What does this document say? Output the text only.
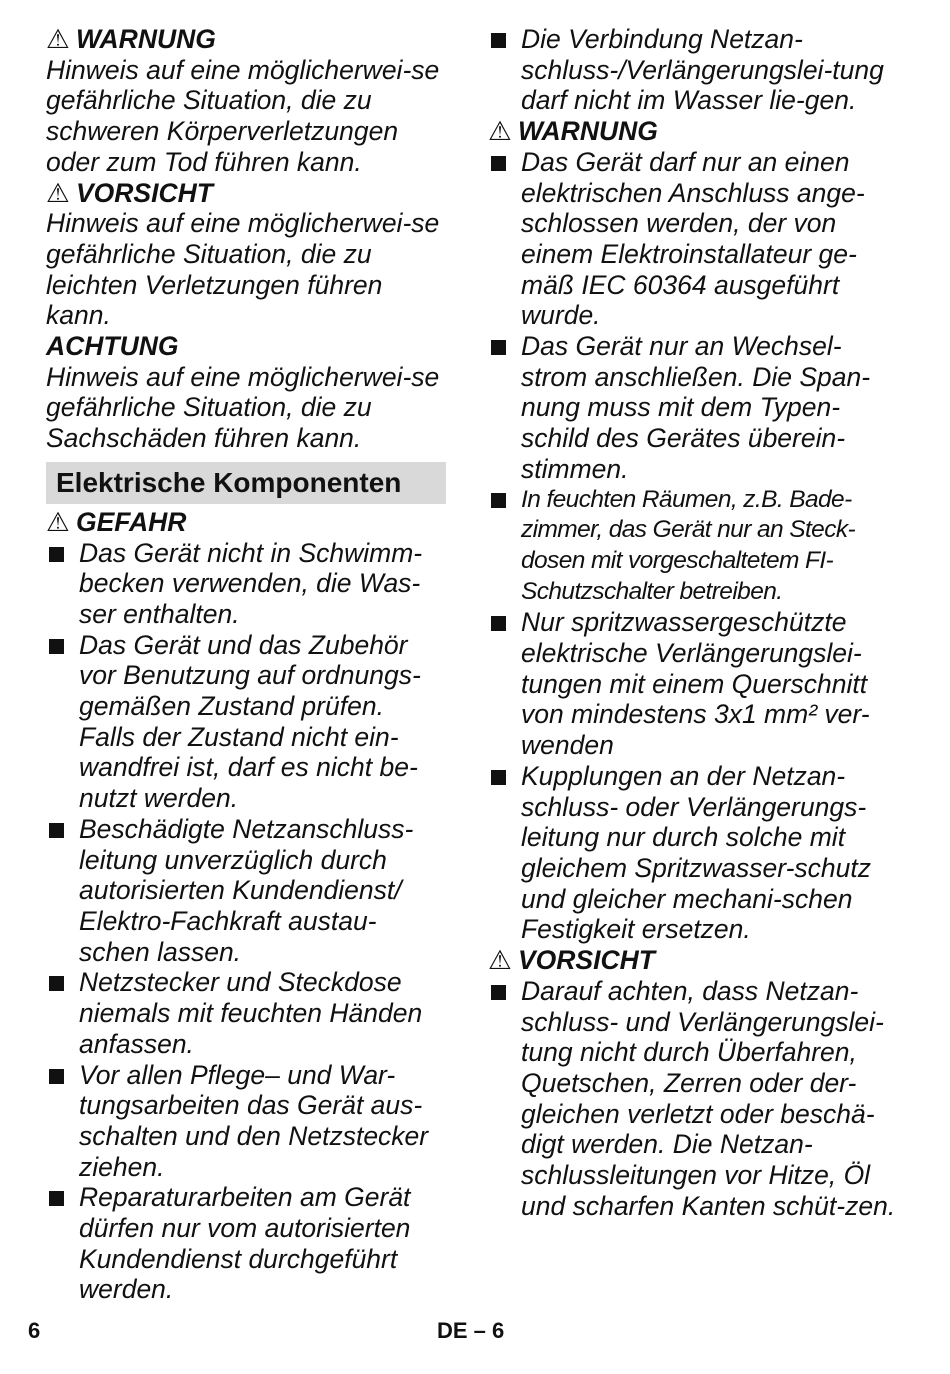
⚠ WARNUNG

Hinweis auf eine möglicherwei-se gefährliche Situation, die zu schweren Körperverletzungen oder zum Tod führen kann.

⚠ VORSICHT

Hinweis auf eine möglicherwei-se gefährliche Situation, die zu leichten Verletzungen führen kann.

ACHTUNG

Hinweis auf eine möglicherwei-se gefährliche Situation, die zu Sachschäden führen kann.

Elektrische Komponenten

⚠ GEFAHR

Das Gerät nicht in Schwimm-becken verwenden, die Was-ser enthalten.
Das Gerät und das Zubehör vor Benutzung auf ordnungs-gemäßen Zustand prüfen. Falls der Zustand nicht ein-wandfrei ist, darf es nicht be-nutzt werden.
Beschädigte Netzanschluss-leitung unverzüglich durch autorisierten Kundendienst/ Elektro-Fachkraft austau-schen lassen.
Netzstecker und Steckdose niemals mit feuchten Händen anfassen.
Vor allen Pflege– und War-tungsarbeiten das Gerät aus-schalten und den Netzstecker ziehen.
Reparaturarbeiten am Gerät dürfen nur vom autorisierten Kundendienst durchgeführt werden.
Die Verbindung Netzan-schluss-/Verlängerungslei-tung darf nicht im Wasser lie-gen.

⚠ WARNUNG

Das Gerät darf nur an einen elektrischen Anschluss ange-schlossen werden, der von einem Elektroinstallateur ge-mäß IEC 60364 ausgeführt wurde.
Das Gerät nur an Wechsel-strom anschließen. Die Span-nung muss mit dem Typen-schild des Gerätes überein-stimmen.
In feuchten Räumen, z.B. Bade-zimmer, das Gerät nur an Steck-dosen mit vorgeschaltetem FI-Schutzschalter betreiben.
Nur spritzwassergeschützte elektrische Verlängerungslei-tungen mit einem Querschnitt von mindestens 3x1 mm² ver-wenden
Kupplungen an der Netzan-schluss- oder Verlängerungs-leitung nur durch solche mit gleichem Spritzwasser-schutz und gleicher mechani-schen Festigkeit ersetzen.

⚠ VORSICHT

Darauf achten, dass Netzan-schluss- und Verlängerungslei-tung nicht durch Überfahren, Quetschen, Zerren oder der-gleichen verletzt oder beschä-digt werden. Die Netzan-schlussleitungen vor Hitze, Öl und scharfen Kanten schüt-zen.
6	DE – 6
